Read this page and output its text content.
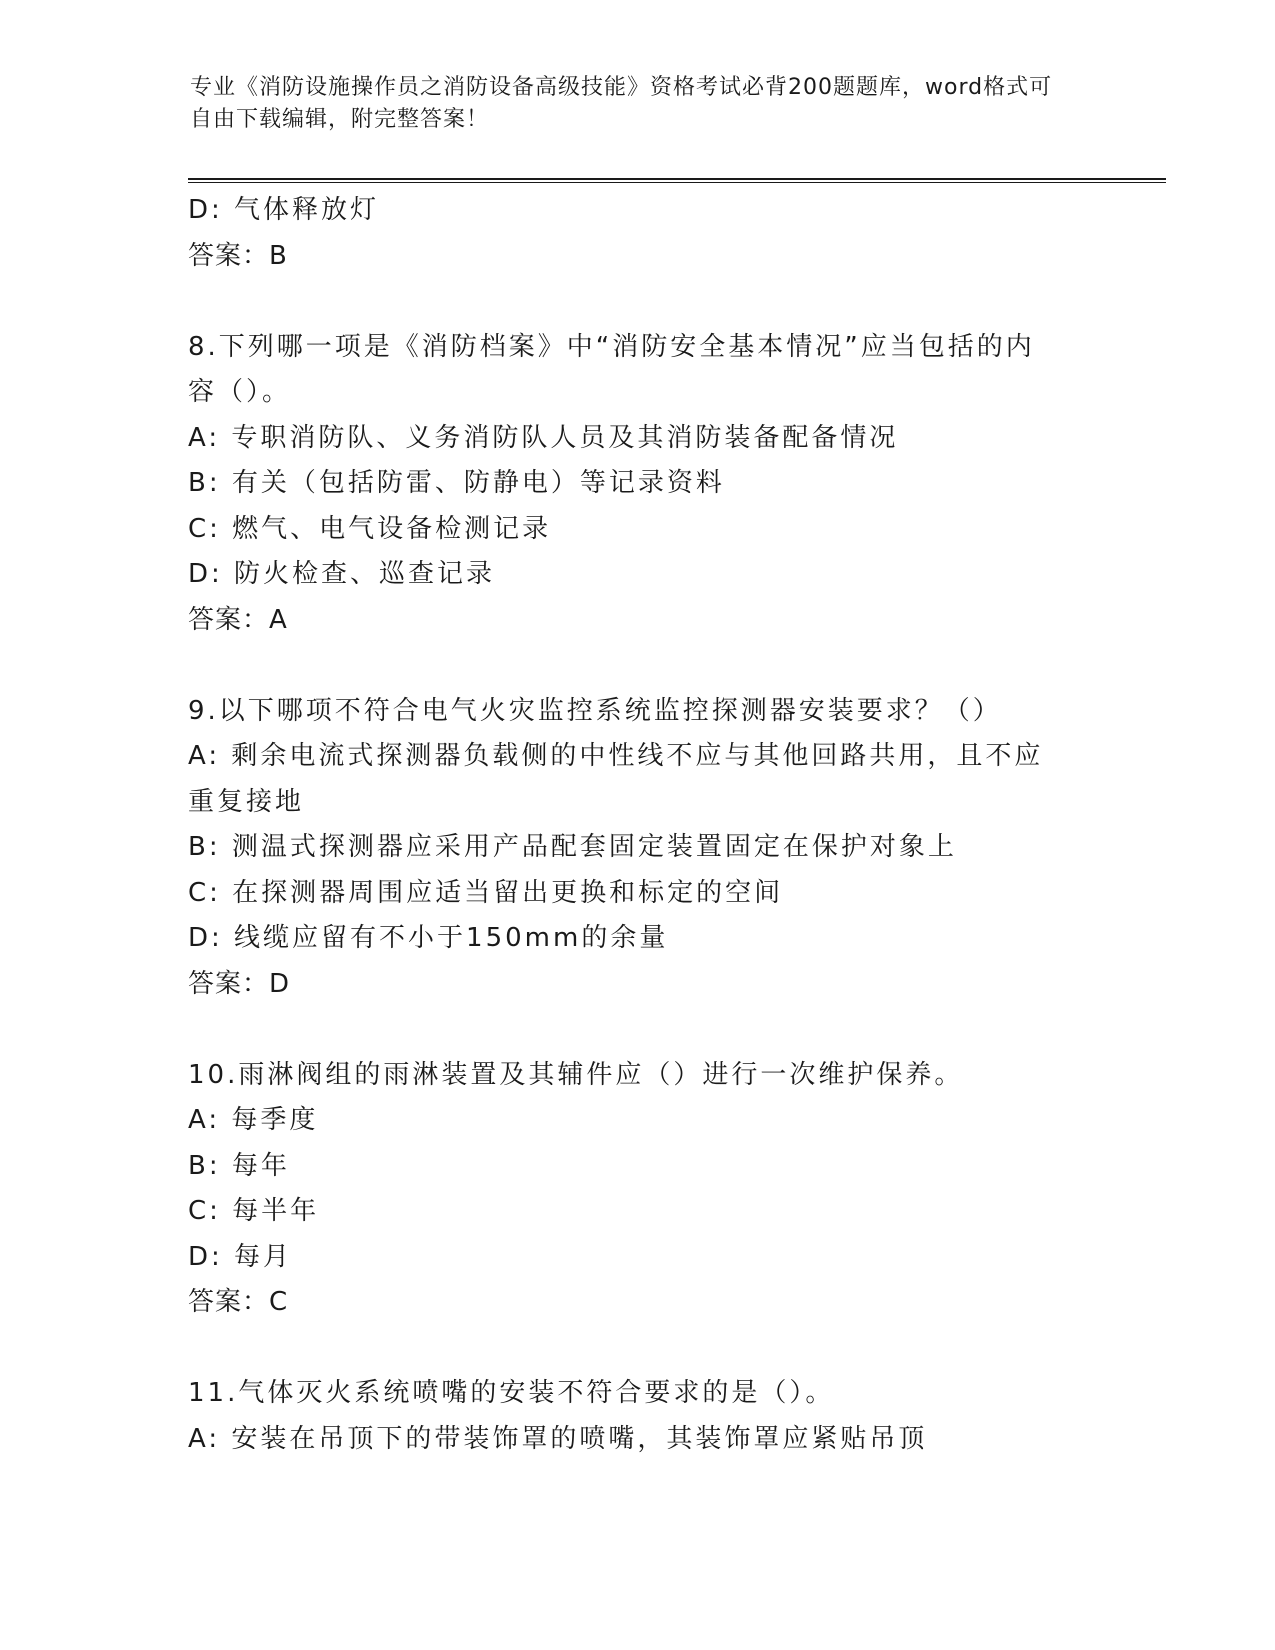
专业《消防设施操作员之消防设备高级技能》资格考试必背200题题库，word格式可自由下载编辑，附完整答案！
D: 气体释放灯
答案：B
8.下列哪一项是《消防档案》中“消防安全基本情况”应当包括的内容（）。
A: 专职消防队、义务消防队人员及其消防装备配备情况
B: 有关（包括防雷、防静电）等记录资料
C: 燃气、电气设备检测记录
D: 防火检查、巡查记录
答案：A
9.以下哪项不符合电气火灾监控系统监控探测器安装要求？（）
A: 剩余电流式探测器负载侧的中性线不应与其他回路共用，且不应重复接地
B: 测温式探测器应采用产品配套固定装置固定在保护对象上
C: 在探测器周围应适当留出更换和标定的空间
D: 线缆应留有不小于150mm的余量
答案：D
10.雨淋阀组的雨淋装置及其辅件应（）进行一次维护保养。
A: 每季度
B: 每年
C: 每半年
D: 每月
答案：C
11.气体灭火系统喷嘴的安装不符合要求的是（）。
A: 安装在吊顶下的带装饰罩的喷嘴，其装饰罩应紧贴吊顶
